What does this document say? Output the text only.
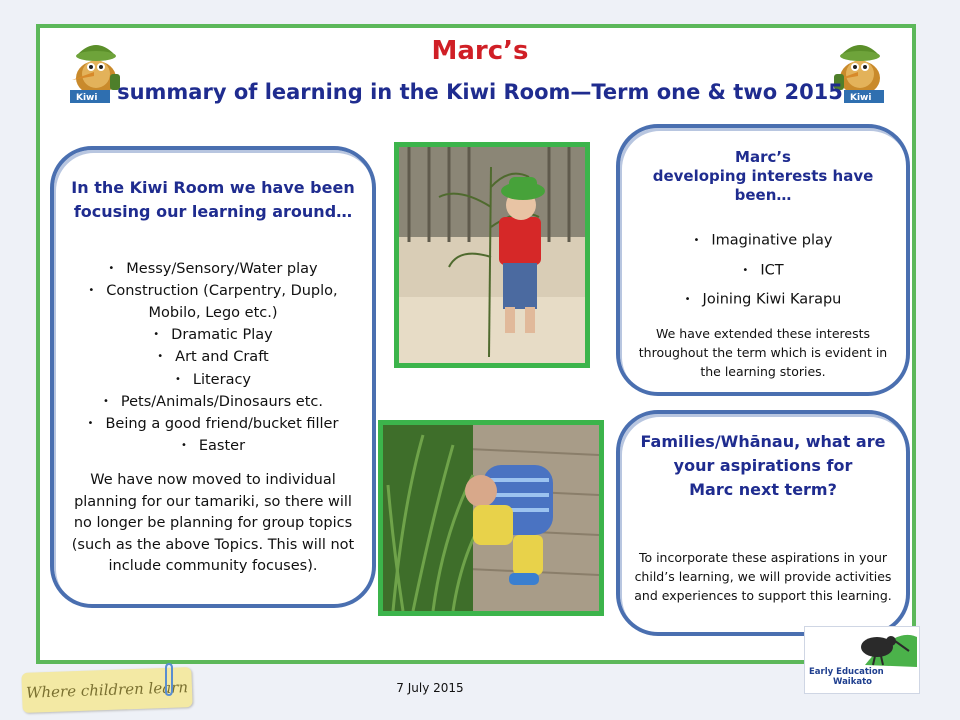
Kiwi	Kiwi
Marc’s
summary of learning in the Kiwi Room—Term one & two 2015
In the Kiwi Room we have been
focusing our learning around…
• Messy/Sensory/Water play
• Construction (Carpentry, Duplo, Mobilo, Lego etc.)
• Dramatic Play
• Art and Craft
• Literacy
• Pets/Animals/Dinosaurs etc.
• Being a good friend/bucket filler
• Easter
We have now moved to individual planning for our tamariki, so there will no longer be planning for group topics (such as the above Topics. This will not include community focuses).
Marc’s
developing interests have
been…
• Imaginative play
• ICT
• Joining Kiwi Karapu
We have extended these interests throughout the term which is evident in the learning stories.
Families/Whānau, what are
your aspirations for
Marc next term?
To incorporate these aspirations in your child’s learning, we will provide activities and experiences to support this learning.
Where children learn	7 July 2015
Early Education
Waikato
